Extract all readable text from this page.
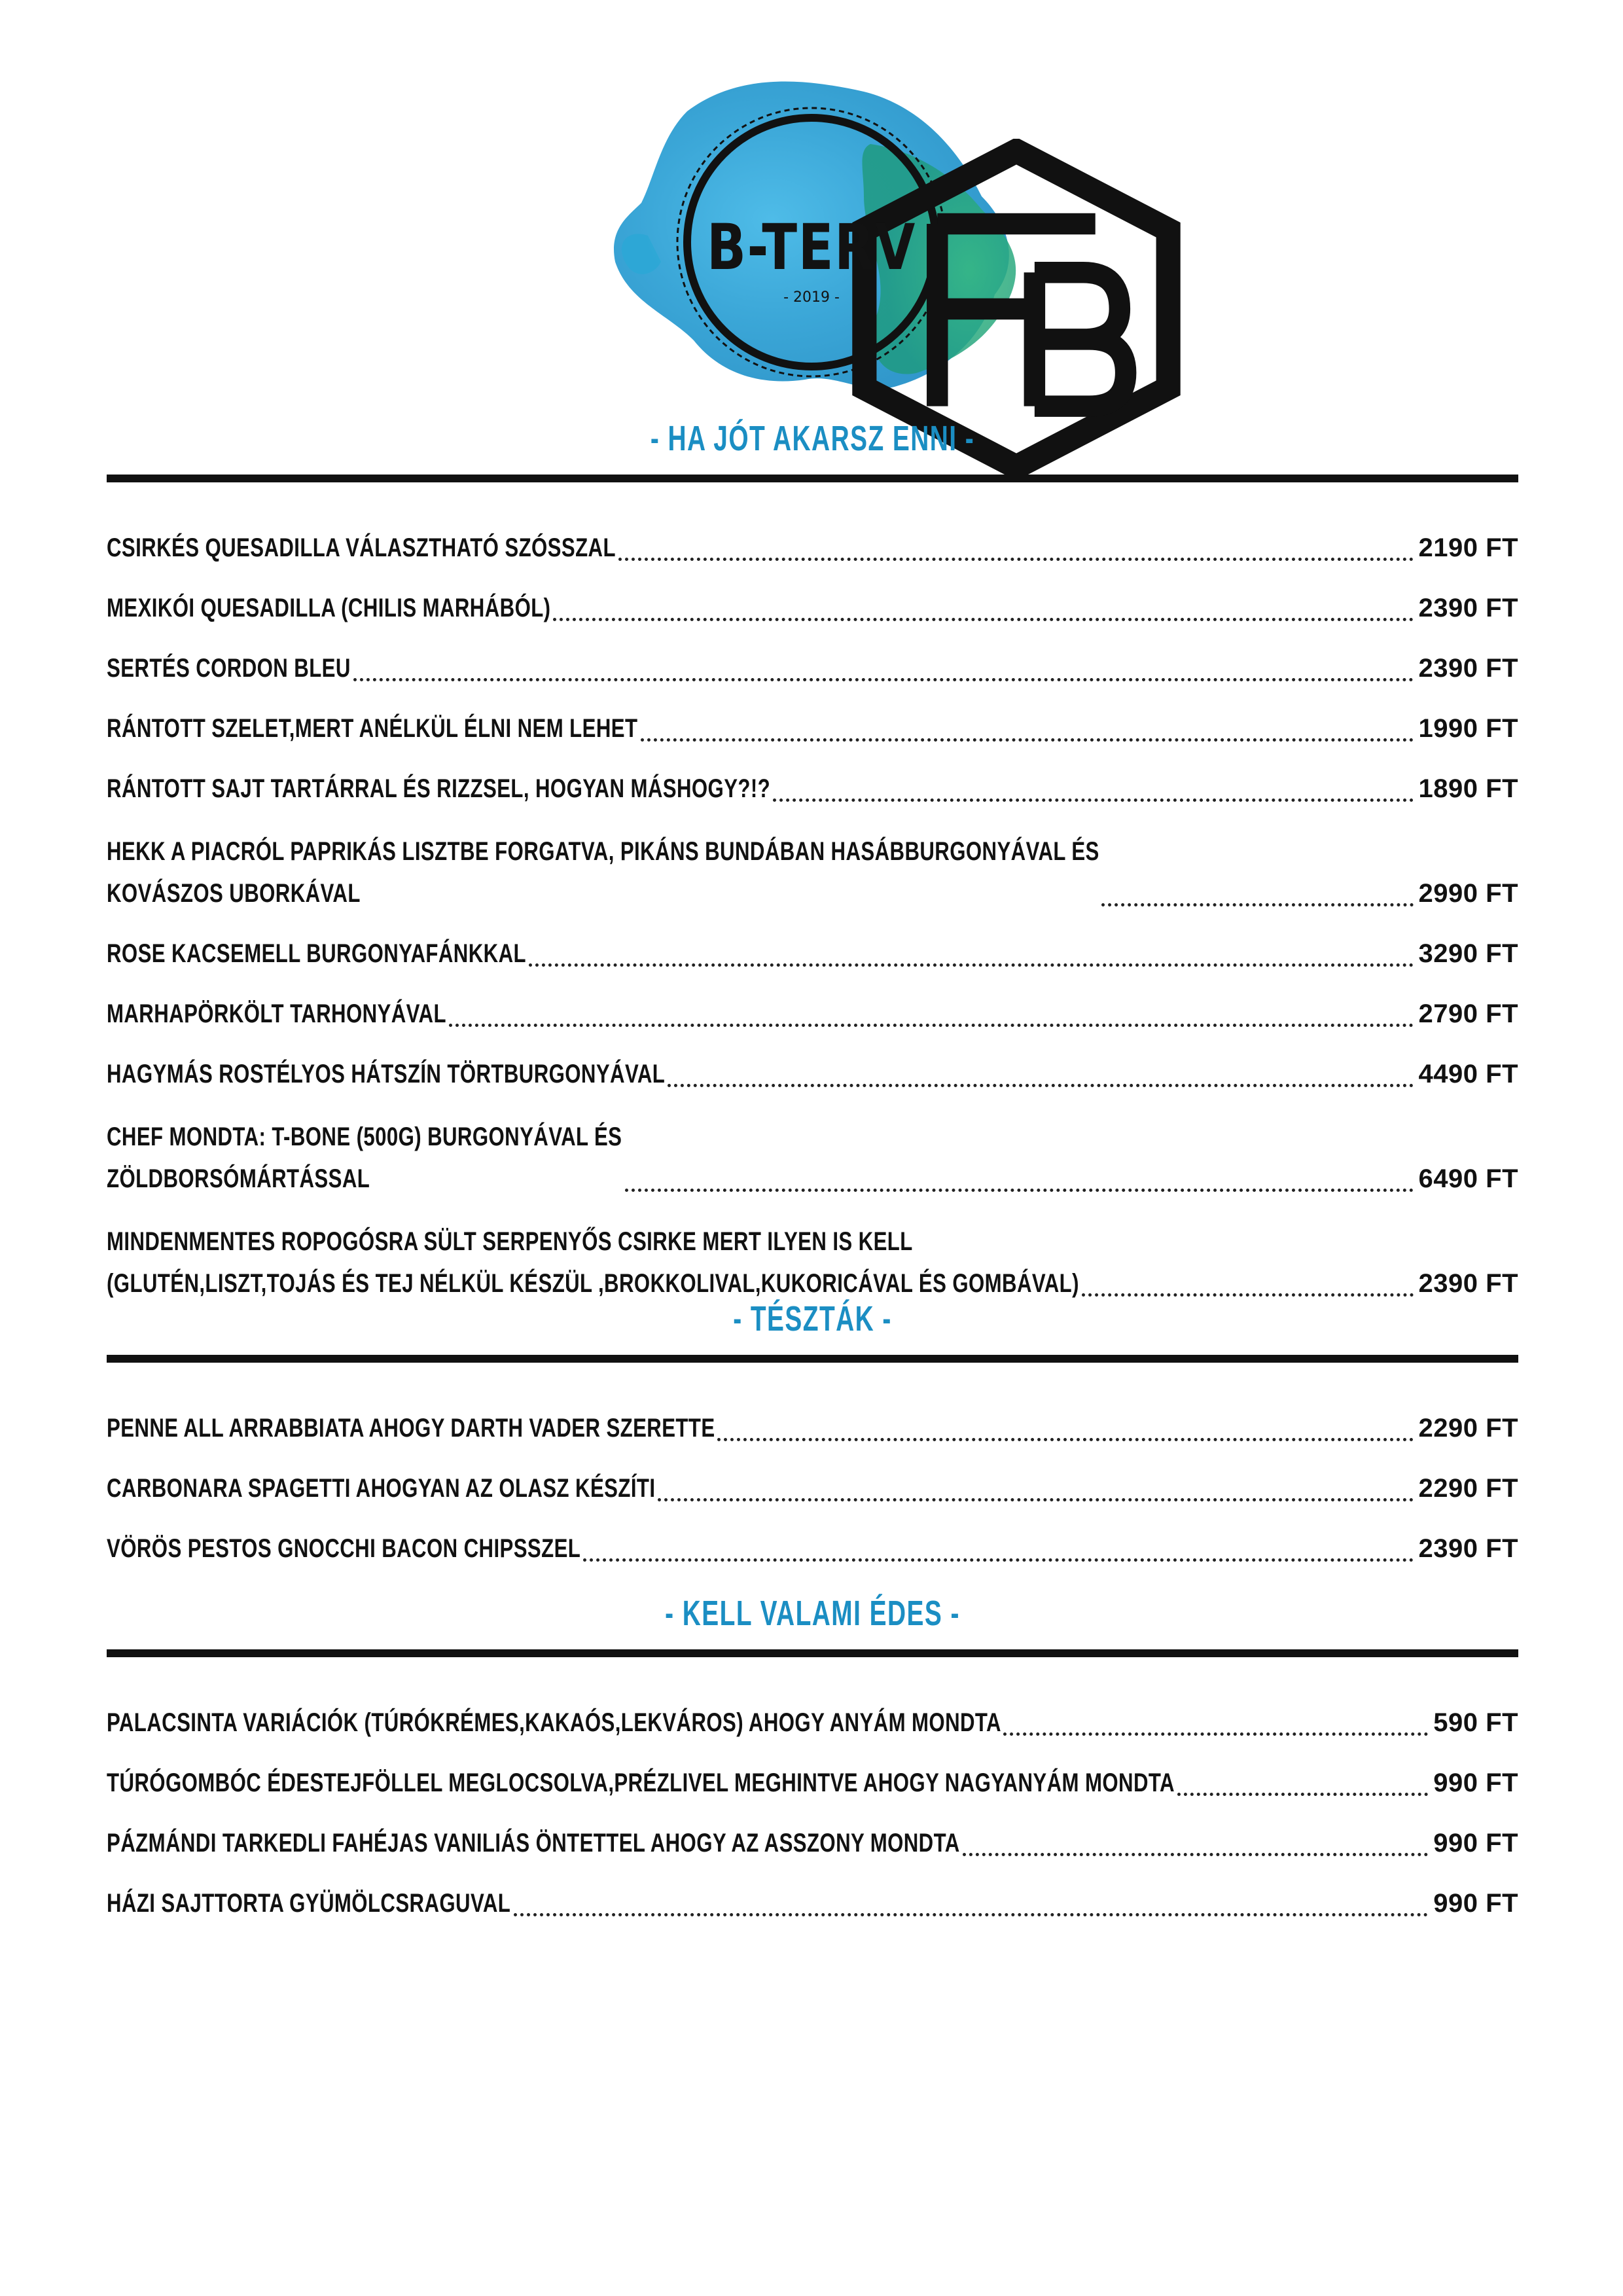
B-TERV
- 2019 -
- HA JÓT AKARSZ ENNI -
CSIRKÉS QUESADILLA VÁLASZTHATÓ SZÓSSZAL	2190 FT
MEXIKÓI QUESADILLA (CHILIS MARHÁBÓL)	2390 FT
SERTÉS CORDON BLEU	2390 FT
RÁNTOTT SZELET,MERT ANÉLKÜL ÉLNI NEM LEHET	1990 FT
RÁNTOTT SAJT TARTÁRRAL ÉS RIZZSEL, HOGYAN MÁSHOGY?!?	1890 FT
HEKK A PIACRÓL PAPRIKÁS LISZTBE FORGATVA, PIKÁNS BUNDÁBAN HASÁBBURGONYÁVAL ÉS
KOVÁSZOS UBORKÁVAL	2990 FT
ROSE KACSEMELL BURGONYAFÁNKKAL	3290 FT
MARHAPÖRKÖLT TARHONYÁVAL	2790 FT
HAGYMÁS ROSTÉLYOS HÁTSZÍN TÖRTBURGONYÁVAL	4490 FT
CHEF MONDTA: T-BONE (500G) BURGONYÁVAL ÉS
ZÖLDBORSÓMÁRTÁSSAL	6490 FT
MINDENMENTES ROPOGÓSRA SÜLT SERPENYŐS CSIRKE MERT ILYEN IS KELL
(GLUTÉN,LISZT,TOJÁS ÉS TEJ NÉLKÜL KÉSZÜL ,BROKKOLIVAL,KUKORICÁVAL ÉS GOMBÁVAL)	2390 FT
- TÉSZTÁK -
PENNE ALL ARRABBIATA AHOGY DARTH VADER SZERETTE	2290 FT
CARBONARA SPAGETTI AHOGYAN AZ OLASZ KÉSZÍTI	2290 FT
VÖRÖS PESTOS GNOCCHI BACON CHIPSSZEL	2390 FT
- KELL VALAMI ÉDES -
PALACSINTA VARIÁCIÓK (TÚRÓKRÉMES,KAKAÓS,LEKVÁROS) AHOGY ANYÁM MONDTA	590 FT
TÚRÓGOMBÓC ÉDESTEJFÖLLEL MEGLOCSOLVA,PRÉZLIVEL MEGHINTVE AHOGY NAGYANYÁM MONDTA	990 FT
PÁZMÁNDI TARKEDLI FAHÉJAS VANILIÁS ÖNTETTEL AHOGY AZ ASSZONY MONDTA	990 FT
HÁZI SAJTTORTA GYÜMÖLCSRAGUVAL	990 FT
